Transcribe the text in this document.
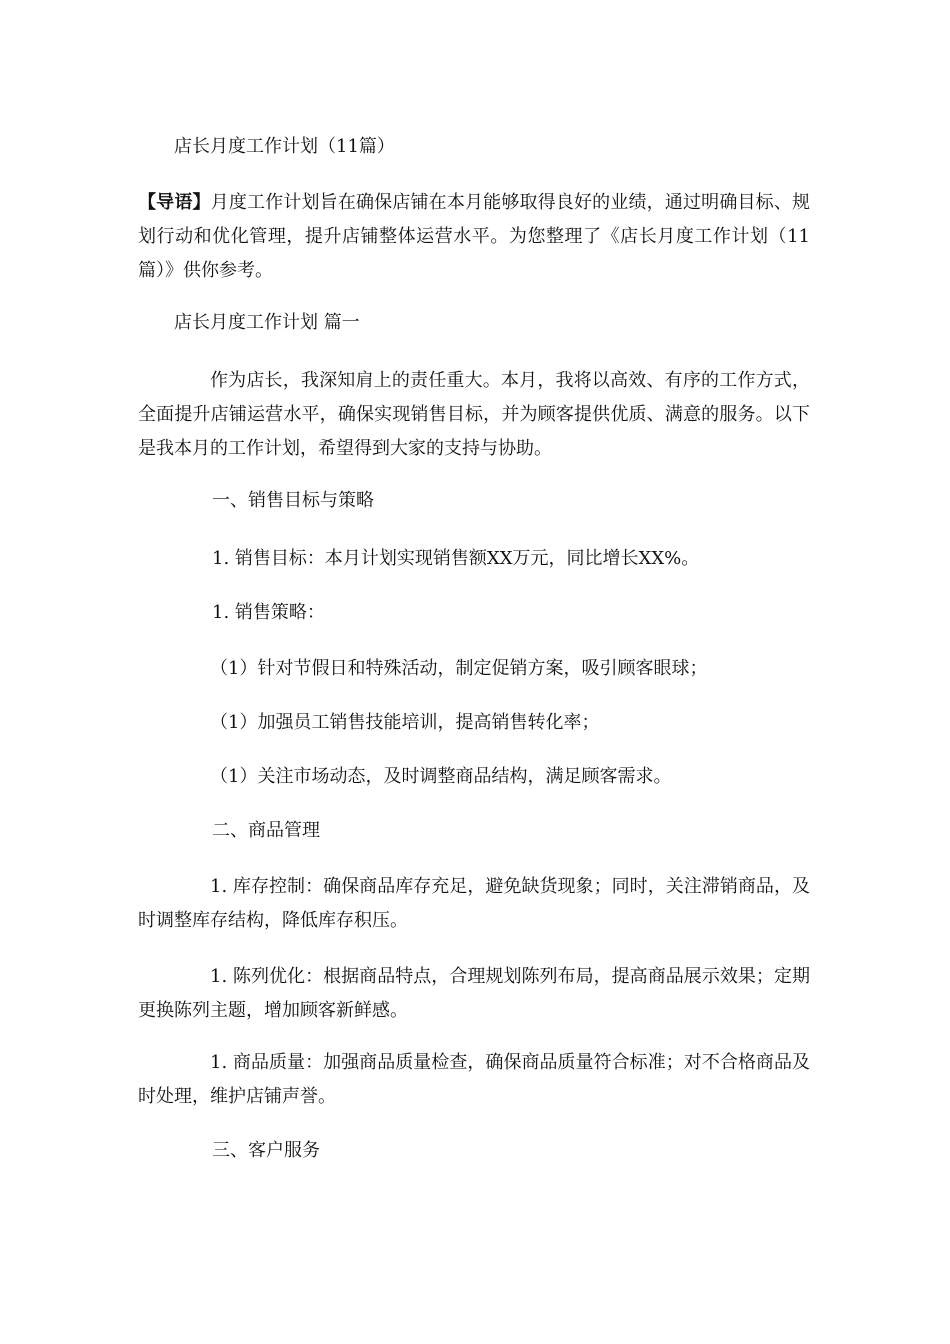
店长月度工作计划（11篇）
【导语】月度工作计划旨在确保店铺在本月能够取得良好的业绩，通过明确目标、规划行动和优化管理，提升店铺整体运营水平。为您整理了《店长月度工作计划（11篇）》供你参考。
店长月度工作计划 篇一
作为店长，我深知肩上的责任重大。本月，我将以高效、有序的工作方式，全面提升店铺运营水平，确保实现销售目标，并为顾客提供优质、满意的服务。以下是我本月的工作计划，希望得到大家的支持与协助。
一、销售目标与策略
1. 销售目标：本月计划实现销售额XX万元，同比增长XX%。
1. 销售策略：
（1）针对节假日和特殊活动，制定促销方案，吸引顾客眼球；
（1）加强员工销售技能培训，提高销售转化率；
（1）关注市场动态，及时调整商品结构，满足顾客需求。
二、商品管理
1. 库存控制：确保商品库存充足，避免缺货现象；同时，关注滞销商品，及时调整库存结构，降低库存积压。
1. 陈列优化：根据商品特点，合理规划陈列布局，提高商品展示效果；定期更换陈列主题，增加顾客新鲜感。
1. 商品质量：加强商品质量检查，确保商品质量符合标准；对不合格商品及时处理，维护店铺声誉。
三、客户服务
